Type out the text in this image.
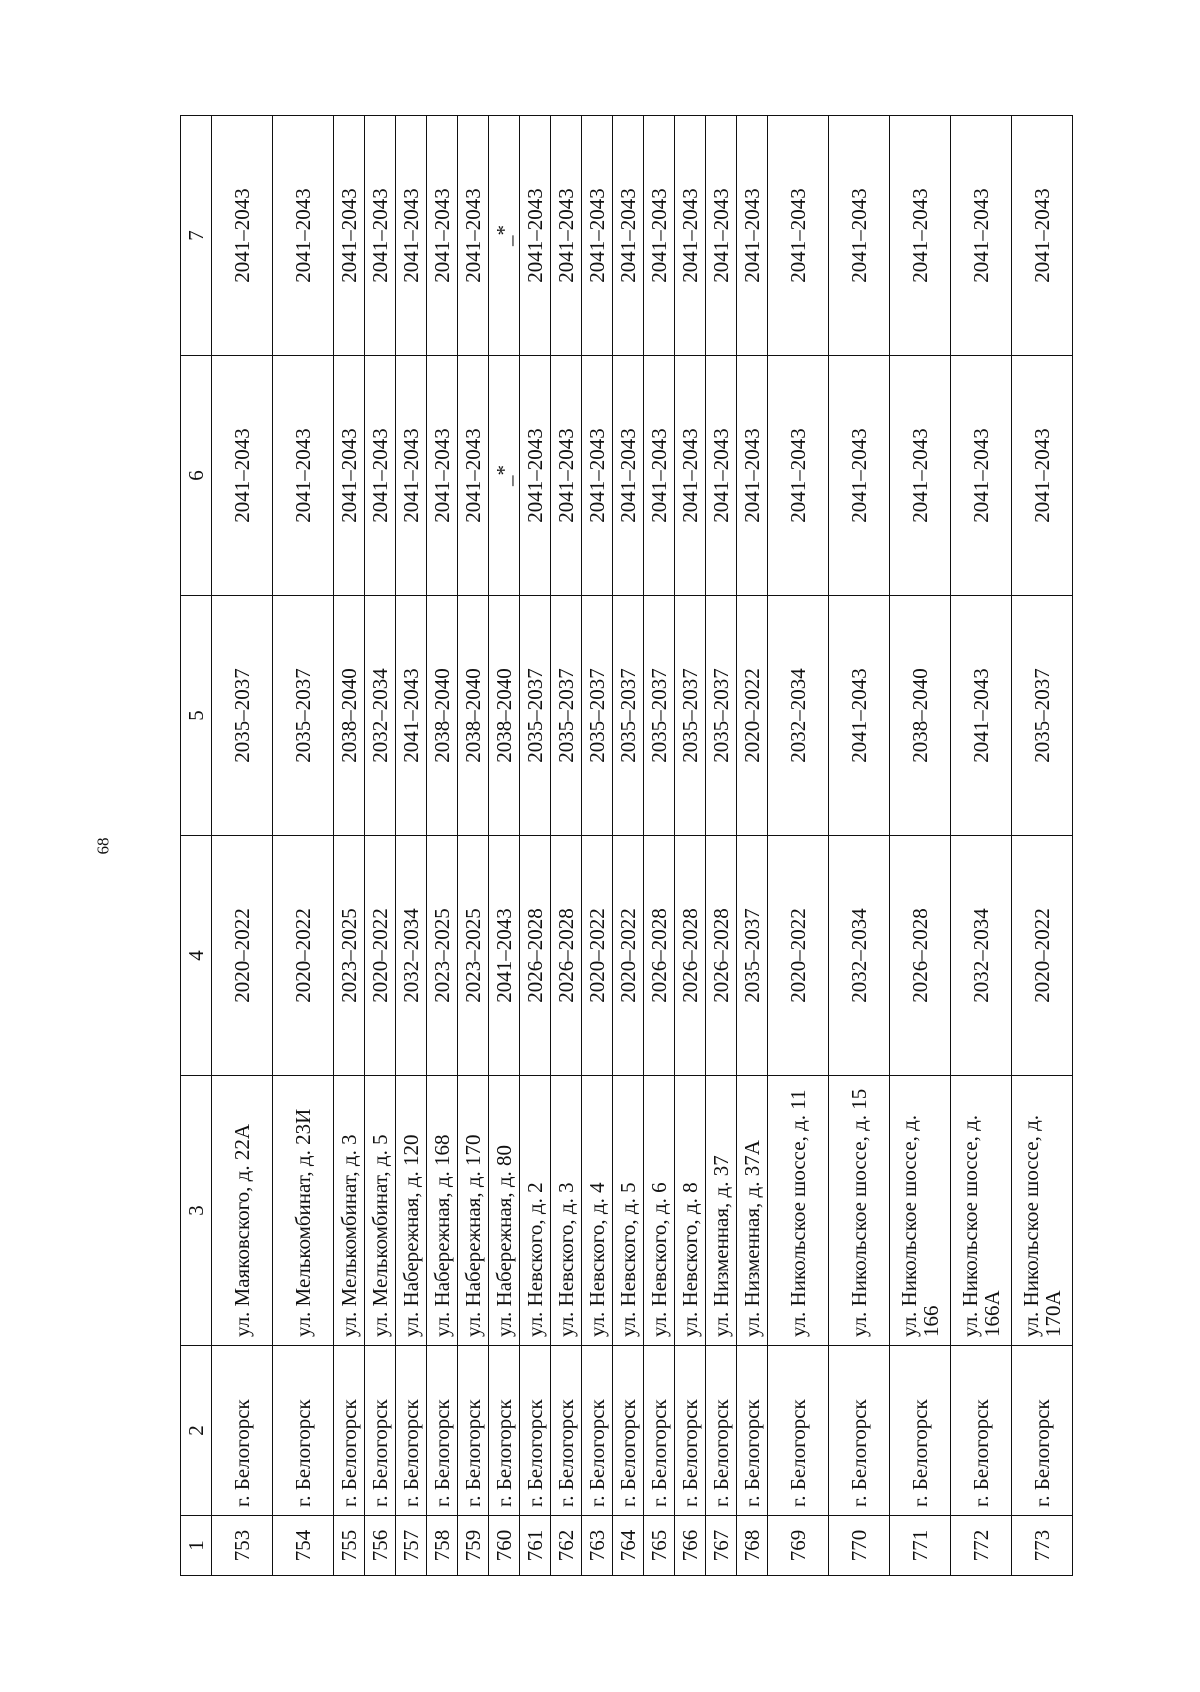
68
1	2	3	4	5	6	7
753	г. Белогорск	ул. Маяковского, д. 22А	2020–2022	2035–2037	2041–2043	2041–2043
754	г. Белогорск	ул. Мелькомбинат, д. 23И	2020–2022	2035–2037	2041–2043	2041–2043
755	г. Белогорск	ул. Мелькомбинат, д. 3	2023–2025	2038–2040	2041–2043	2041–2043
756	г. Белогорск	ул. Мелькомбинат, д. 5	2020–2022	2032–2034	2041–2043	2041–2043
757	г. Белогорск	ул. Набережная, д. 120	2032–2034	2041–2043	2041–2043	2041–2043
758	г. Белогорск	ул. Набережная, д. 168	2023–2025	2038–2040	2041–2043	2041–2043
759	г. Белогорск	ул. Набережная, д. 170	2023–2025	2038–2040	2041–2043	2041–2043
760	г. Белогорск	ул. Набережная, д. 80	2041–2043	2038–2040	_*	_*
761	г. Белогорск	ул. Невского, д. 2	2026–2028	2035–2037	2041–2043	2041–2043
762	г. Белогорск	ул. Невского, д. 3	2026–2028	2035–2037	2041–2043	2041–2043
763	г. Белогорск	ул. Невского, д. 4	2020–2022	2035–2037	2041–2043	2041–2043
764	г. Белогорск	ул. Невского, д. 5	2020–2022	2035–2037	2041–2043	2041–2043
765	г. Белогорск	ул. Невского, д. 6	2026–2028	2035–2037	2041–2043	2041–2043
766	г. Белогорск	ул. Невского, д. 8	2026–2028	2035–2037	2041–2043	2041–2043
767	г. Белогорск	ул. Низменная, д. 37	2026–2028	2035–2037	2041–2043	2041–2043
768	г. Белогорск	ул. Низменная, д. 37А	2035–2037	2020–2022	2041–2043	2041–2043
769	г. Белогорск	ул. Никольское шоссе, д. 11	2020–2022	2032–2034	2041–2043	2041–2043
770	г. Белогорск	ул. Никольское шоссе, д. 15	2032–2034	2041–2043	2041–2043	2041–2043
771	г. Белогорск	ул. Никольское шоссе, д. 166	2026–2028	2038–2040	2041–2043	2041–2043
772	г. Белогорск	ул. Никольское шоссе, д. 166А	2032–2034	2041–2043	2041–2043	2041–2043
773	г. Белогорск	ул. Никольское шоссе, д. 170А	2020–2022	2035–2037	2041–2043	2041–2043
